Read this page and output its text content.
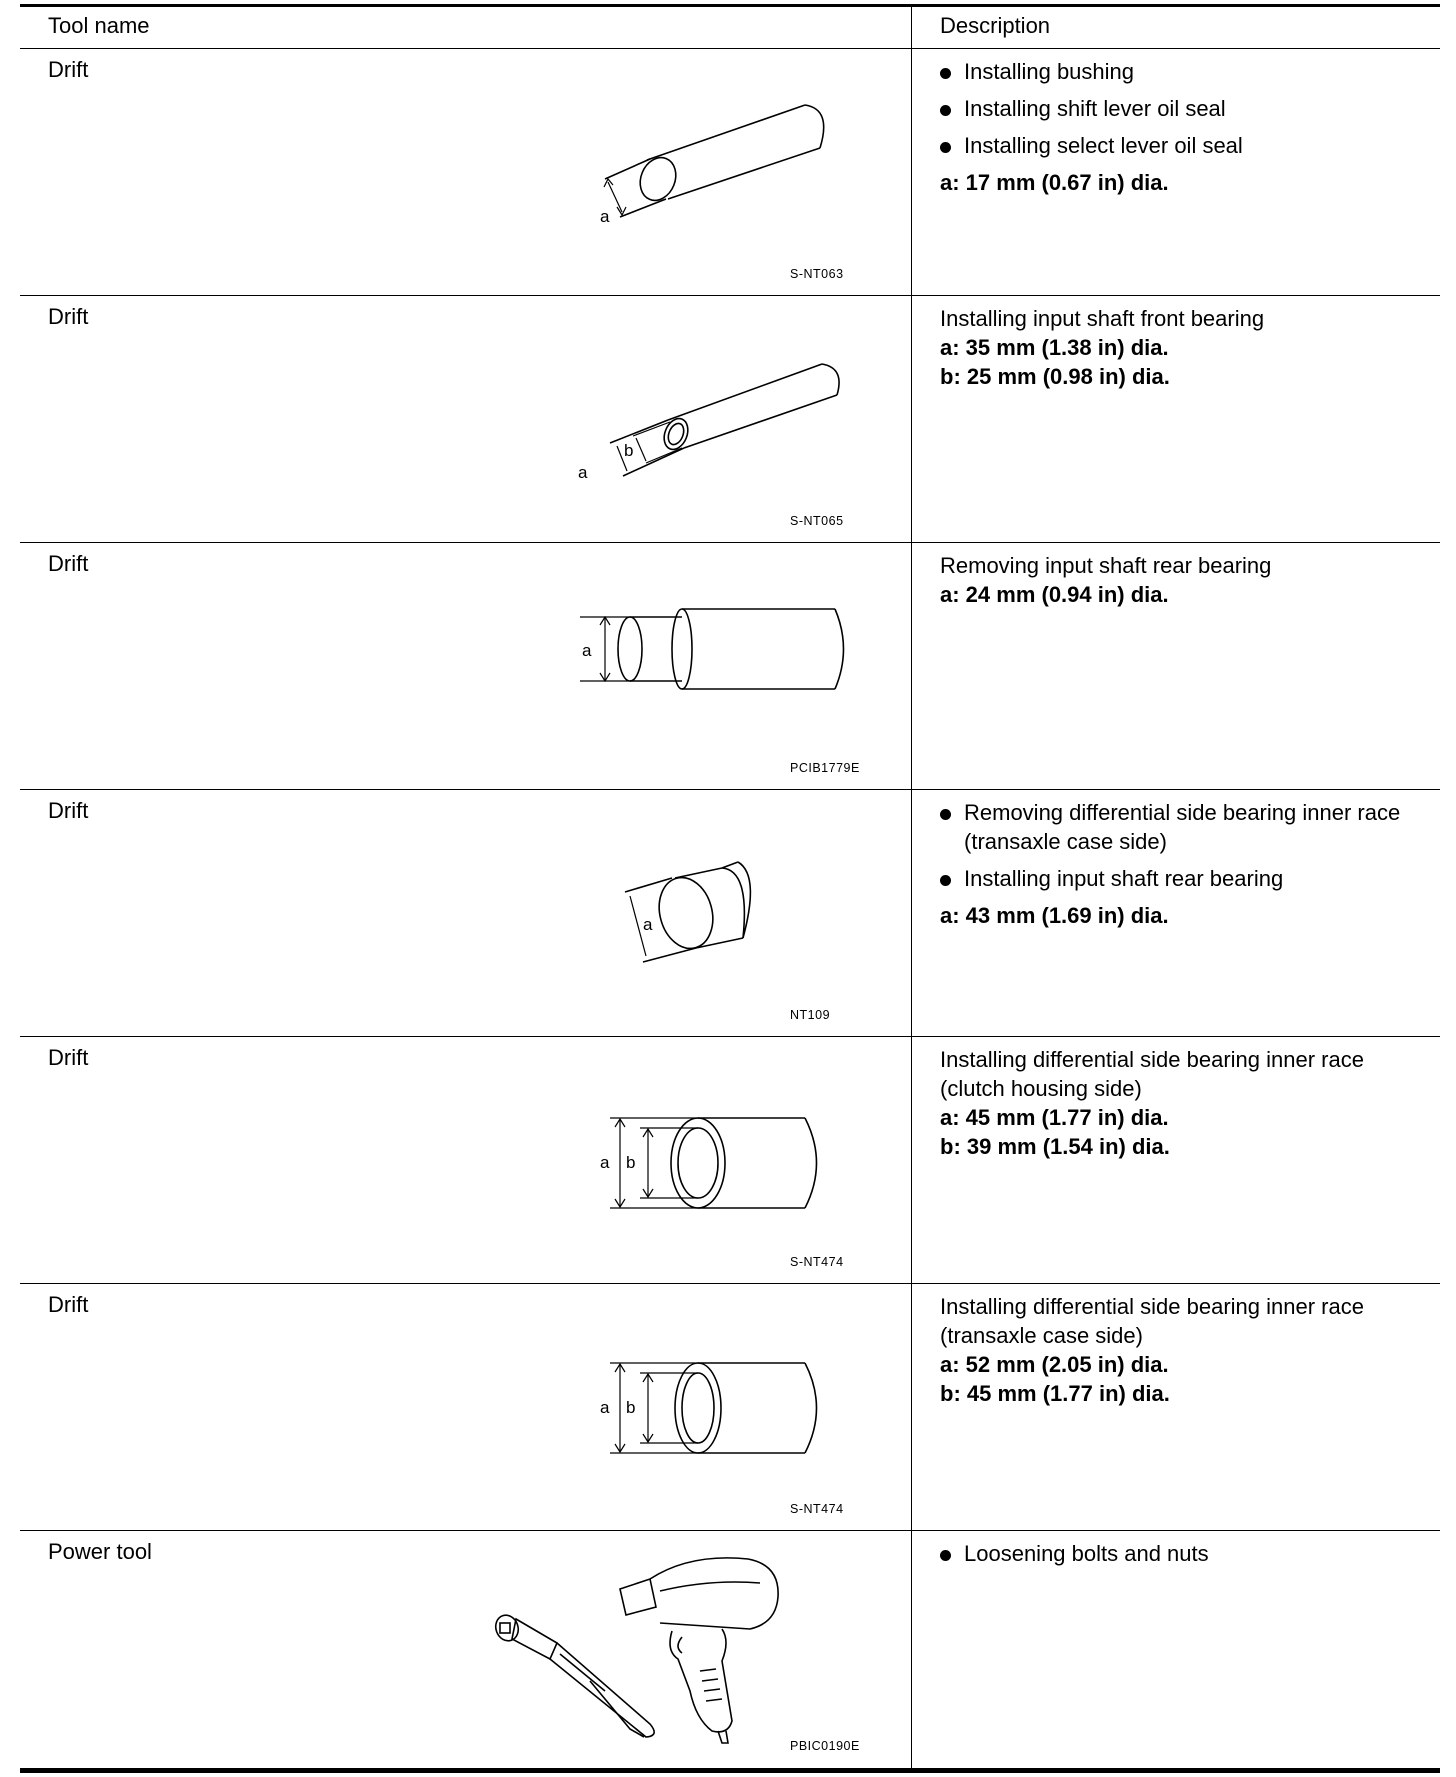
Tool name	Description
Drift
a
S-NT063
Installing bushing
Installing shift lever oil seal
Installing select lever oil seal
a: 17 mm (0.67 in) dia.
Drift
a
b
S-NT065
Installing input shaft front bearing
a: 35 mm (1.38 in) dia.
b: 25 mm (0.98 in) dia.
Drift
a
PCIB1779E
Removing input shaft rear bearing
a: 24 mm (0.94 in) dia.
Drift
a
NT109
Removing differential side bearing inner race (transaxle case side)
Installing input shaft rear bearing
a: 43 mm (1.69 in) dia.
Drift
a b
S-NT474
Installing differential side bearing inner race
(clutch housing side)
a: 45 mm (1.77 in) dia.
b: 39 mm (1.54 in) dia.
Drift
a b
S-NT474
Installing differential side bearing inner race
(transaxle case side)
a: 52 mm (2.05 in) dia.
b: 45 mm (1.77 in) dia.
Power tool
PBIC0190E
Loosening bolts and nuts
